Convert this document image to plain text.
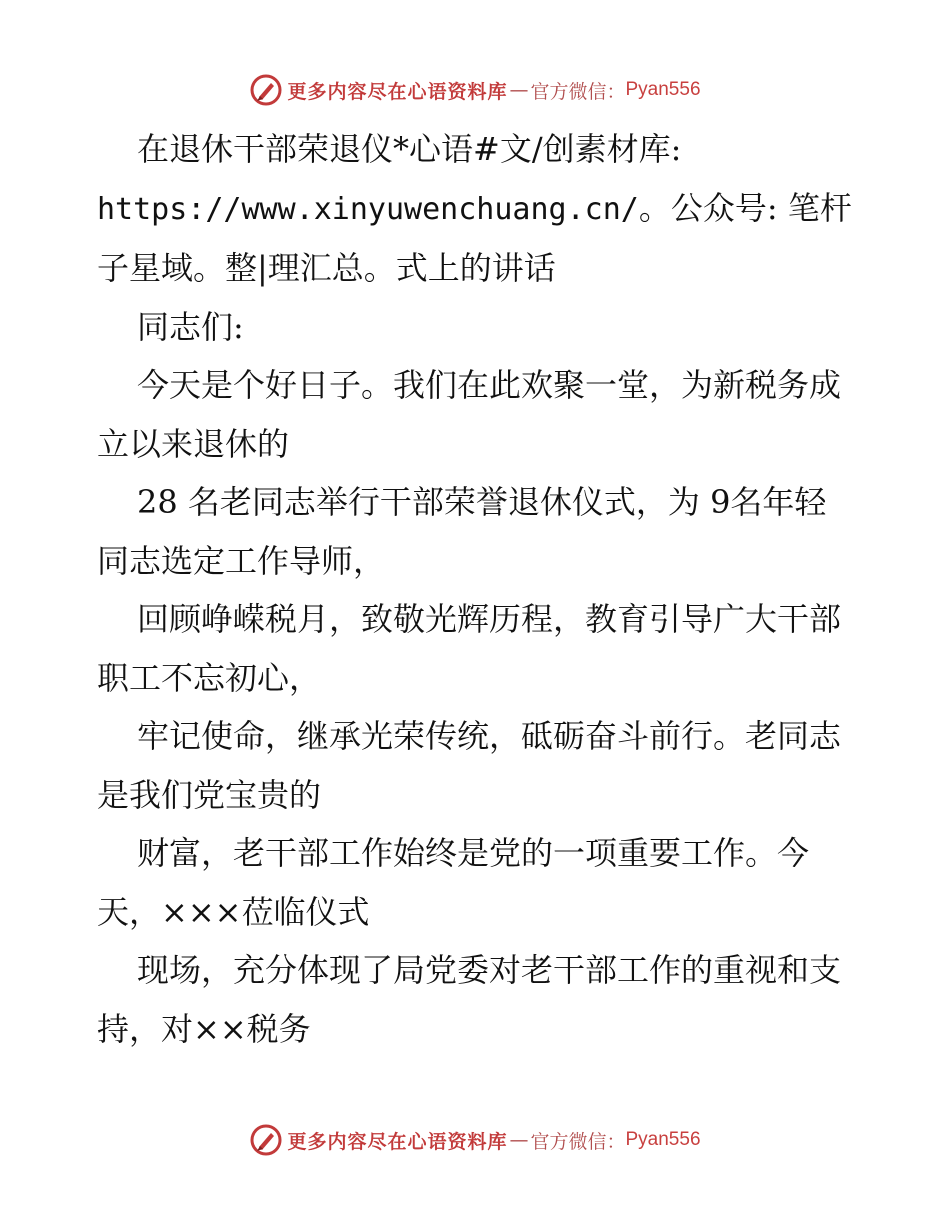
更多内容尽在心语资料库 — 官方微信： Pyan556

在退休干部荣退仪*心语#文/创素材库:

https://www.xinyuwenchuang.cn/。公众号: 笔杆子星域。整|理汇总。式上的讲话

同志们:

今天是个好日子。我们在此欢聚一堂，为新税务成立以来退休的

28 名老同志举行干部荣誉退休仪式，为 9名年轻同志选定工作导师，

回顾峥嵘税月，致敬光辉历程，教育引导广大干部职工不忘初心，

牢记使命，继承光荣传统，砥砺奋斗前行。老同志是我们党宝贵的

财富，老干部工作始终是党的一项重要工作。今天，×××莅临仪式

现场，充分体现了局党委对老干部工作的重视和支持，对××税务

更多内容尽在心语资料库 — 官方微信： Pyan556
